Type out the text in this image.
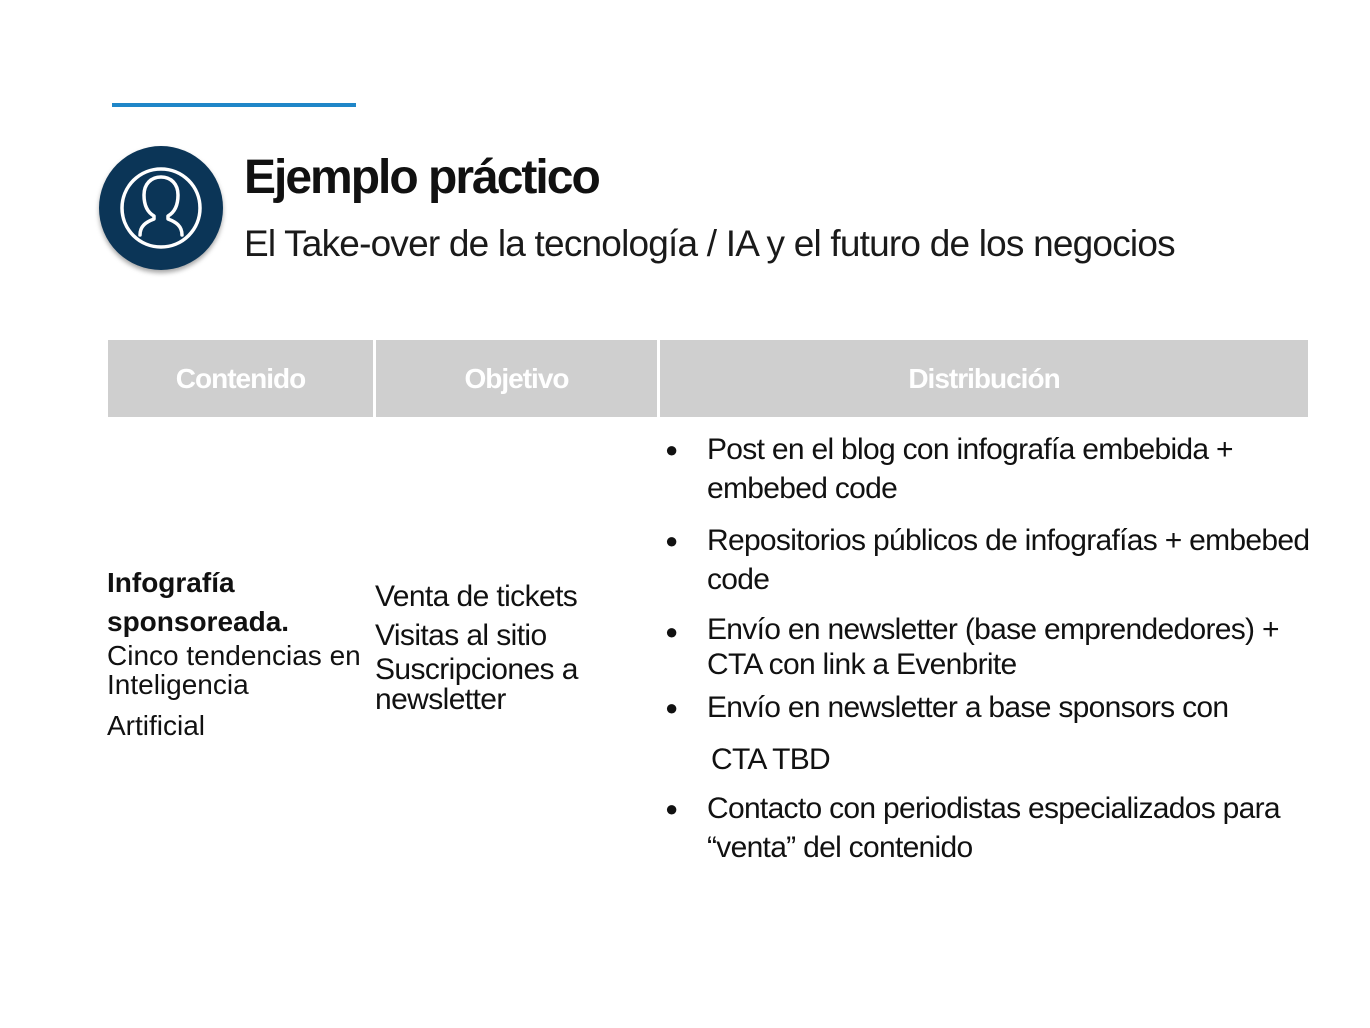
Ejemplo práctico
El Take-over de la tecnología / IA y el futuro de los negocios
Contenido	Objetivo	Distribución
Infografía sponsoreada.
Cinco tendencias en Inteligencia
Artificial
Venta de tickets
Visitas al sitio
Suscripciones a newsletter
● Post en el blog con infografía embebida + embebed code
● Repositorios públicos de infografías + embebed code
● Envío en newsletter (base emprendedores) + CTA con link a Evenbrite
● Envío en newsletter a base sponsors con
CTA TBD
● Contacto con periodistas especializados para “venta” del contenido
